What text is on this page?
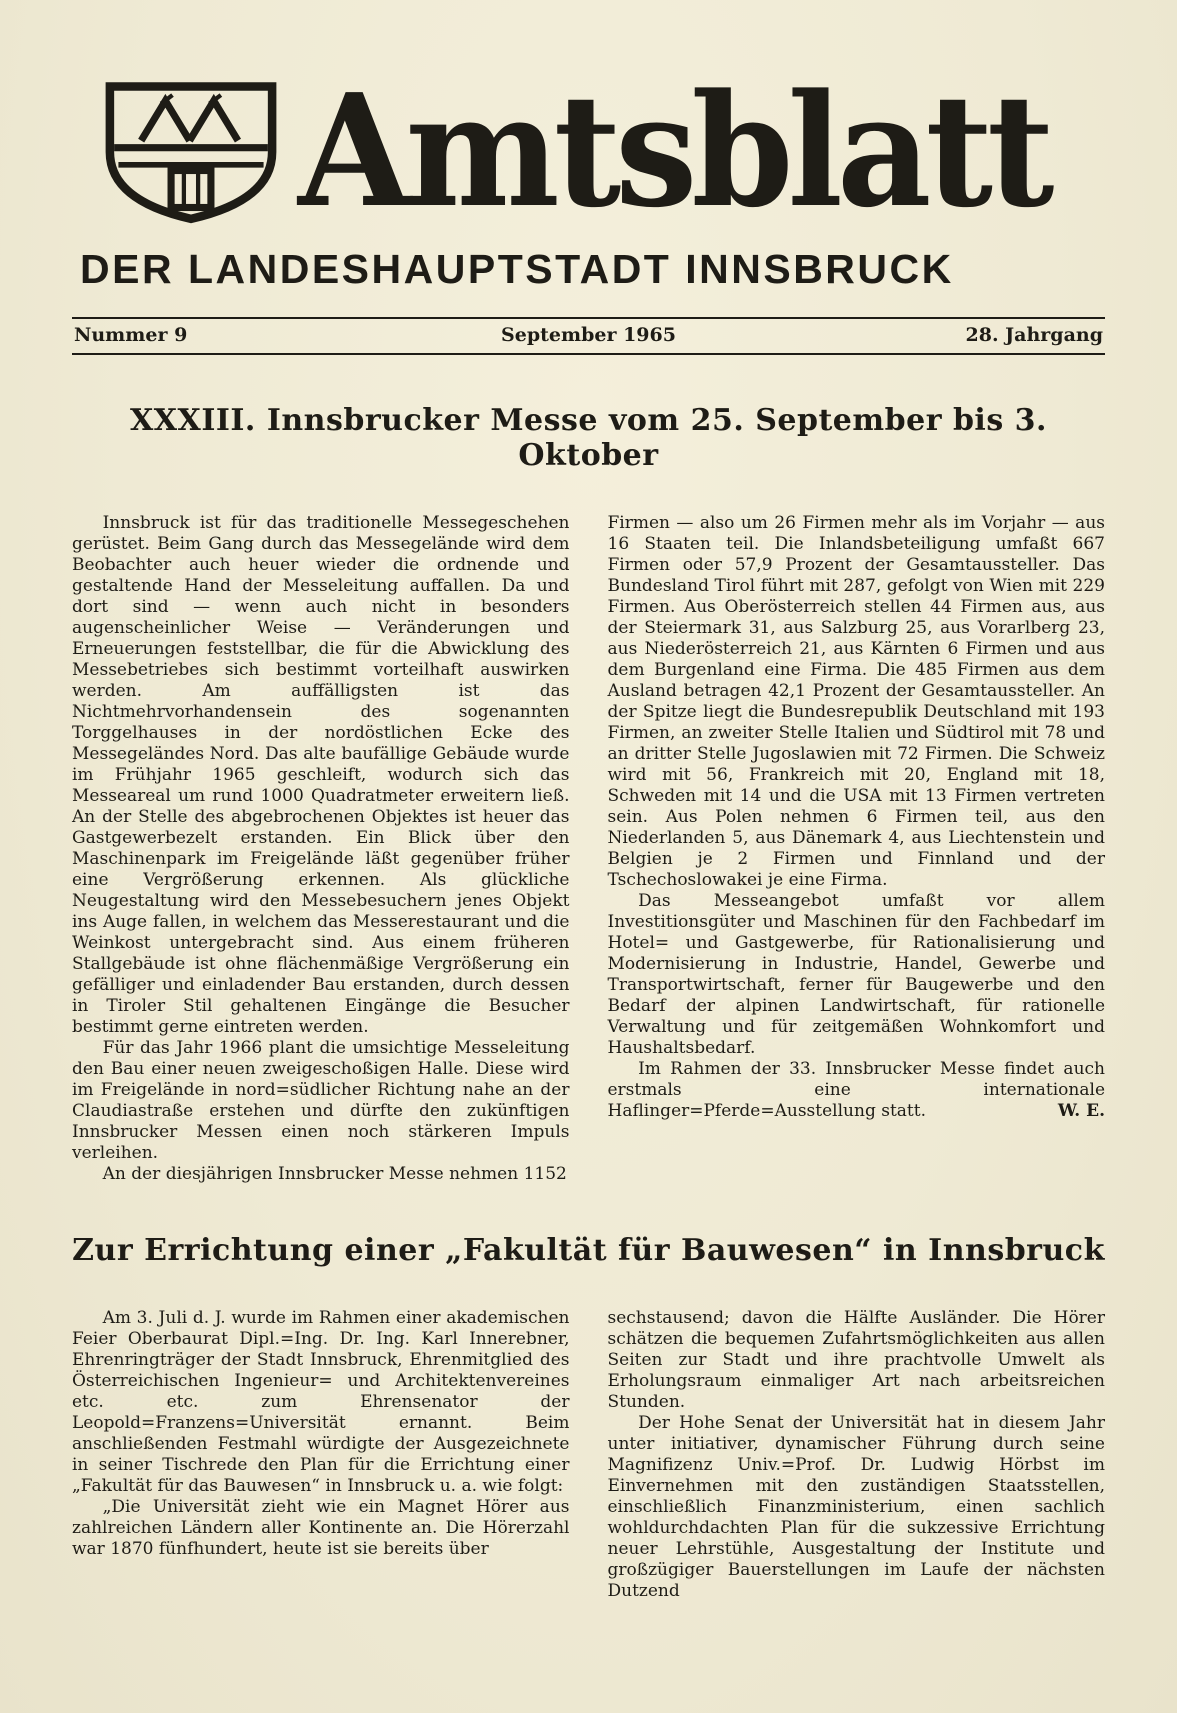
Amtsblatt
DER LANDESHAUPTSTADT INNSBRUCK
Nummer 9	September 1965	28. Jahrgang
XXXIII. Innsbrucker Messe vom 25. September bis 3. Oktober

Innsbruck ist für das traditionelle Messegeschehen gerüstet. Beim Gang durch das Messegelände wird dem Beobachter auch heuer wieder die ordnende und gestaltende Hand der Messeleitung auffallen. Da und dort sind — wenn auch nicht in besonders augenscheinlicher Weise — Veränderungen und Erneuerungen feststellbar, die für die Abwicklung des Messebetriebes sich bestimmt vorteilhaft auswirken werden. Am auffälligsten ist das Nichtmehrvorhandensein des sogenannten Torggelhauses in der nordöstlichen Ecke des Messegeländes Nord. Das alte baufällige Gebäude wurde im Frühjahr 1965 geschleift, wodurch sich das Messeareal um rund 1000 Quadratmeter erweitern ließ. An der Stelle des abgebrochenen Objektes ist heuer das Gastgewerbezelt erstanden. Ein Blick über den Maschinenpark im Freigelände läßt gegenüber früher eine Vergrößerung erkennen. Als glückliche Neugestaltung wird den Messebesuchern jenes Objekt ins Auge fallen, in welchem das Messerestaurant und die Weinkost untergebracht sind. Aus einem früheren Stallgebäude ist ohne flächenmäßige Vergrößerung ein gefälliger und einladender Bau erstanden, durch dessen in Tiroler Stil gehaltenen Eingänge die Besucher bestimmt gerne eintreten werden.

Für das Jahr 1966 plant die umsichtige Messeleitung den Bau einer neuen zweigeschoßigen Halle. Diese wird im Freigelände in nord=südlicher Richtung nahe an der Claudiastraße erstehen und dürfte den zukünftigen Innsbrucker Messen einen noch stärkeren Impuls verleihen.

An der diesjährigen Innsbrucker Messe nehmen 1152

Firmen — also um 26 Firmen mehr als im Vorjahr — aus 16 Staaten teil. Die Inlandsbeteiligung umfaßt 667 Firmen oder 57,9 Prozent der Gesamtaussteller. Das Bundesland Tirol führt mit 287, gefolgt von Wien mit 229 Firmen. Aus Oberösterreich stellen 44 Firmen aus, aus der Steiermark 31, aus Salzburg 25, aus Vorarlberg 23, aus Niederösterreich 21, aus Kärnten 6 Firmen und aus dem Burgenland eine Firma. Die 485 Firmen aus dem Ausland betragen 42,1 Prozent der Gesamtaussteller. An der Spitze liegt die Bundesrepublik Deutschland mit 193 Firmen, an zweiter Stelle Italien und Südtirol mit 78 und an dritter Stelle Jugoslawien mit 72 Firmen. Die Schweiz wird mit 56, Frankreich mit 20, England mit 18, Schweden mit 14 und die USA mit 13 Firmen vertreten sein. Aus Polen nehmen 6 Firmen teil, aus den Niederlanden 5, aus Dänemark 4, aus Liechtenstein und Belgien je 2 Firmen und Finnland und der Tschechoslowakei je eine Firma.

Das Messeangebot umfaßt vor allem Investitionsgüter und Maschinen für den Fachbedarf im Hotel= und Gastgewerbe, für Rationalisierung und Modernisierung in Industrie, Handel, Gewerbe und Transportwirtschaft, ferner für Baugewerbe und den Bedarf der alpinen Landwirtschaft, für rationelle Verwaltung und für zeitgemäßen Wohnkomfort und Haushaltsbedarf.

Im Rahmen der 33. Innsbrucker Messe findet auch erstmals eine internationale Haflinger=Pferde=Ausstellung statt.	W. E.

Zur Errichtung einer „Fakultät für Bauwesen“ in Innsbruck

Am 3. Juli d. J. wurde im Rahmen einer akademischen Feier Oberbaurat Dipl.=Ing. Dr. Ing. Karl Innerebner, Ehrenringträger der Stadt Innsbruck, Ehrenmitglied des Österreichischen Ingenieur= und Architektenvereines etc. etc. zum Ehrensenator der Leopold=Franzens=Universität ernannt. Beim anschließenden Festmahl würdigte der Ausgezeichnete in seiner Tischrede den Plan für die Errichtung einer „Fakultät für das Bauwesen“ in Innsbruck u. a. wie folgt:

„Die Universität zieht wie ein Magnet Hörer aus zahlreichen Ländern aller Kontinente an. Die Hörerzahl war 1870 fünfhundert, heute ist sie bereits über

sechstausend; davon die Hälfte Ausländer. Die Hörer schätzen die bequemen Zufahrtsmöglichkeiten aus allen Seiten zur Stadt und ihre prachtvolle Umwelt als Erholungsraum einmaliger Art nach arbeitsreichen Stunden.

Der Hohe Senat der Universität hat in diesem Jahr unter initiativer, dynamischer Führung durch seine Magnifizenz Univ.=Prof. Dr. Ludwig Hörbst im Einvernehmen mit den zuständigen Staatsstellen, einschließlich Finanzministerium, einen sachlich wohldurchdachten Plan für die sukzessive Errichtung neuer Lehrstühle, Ausgestaltung der Institute und großzügiger Bauerstellungen im Laufe der nächsten Dutzend
